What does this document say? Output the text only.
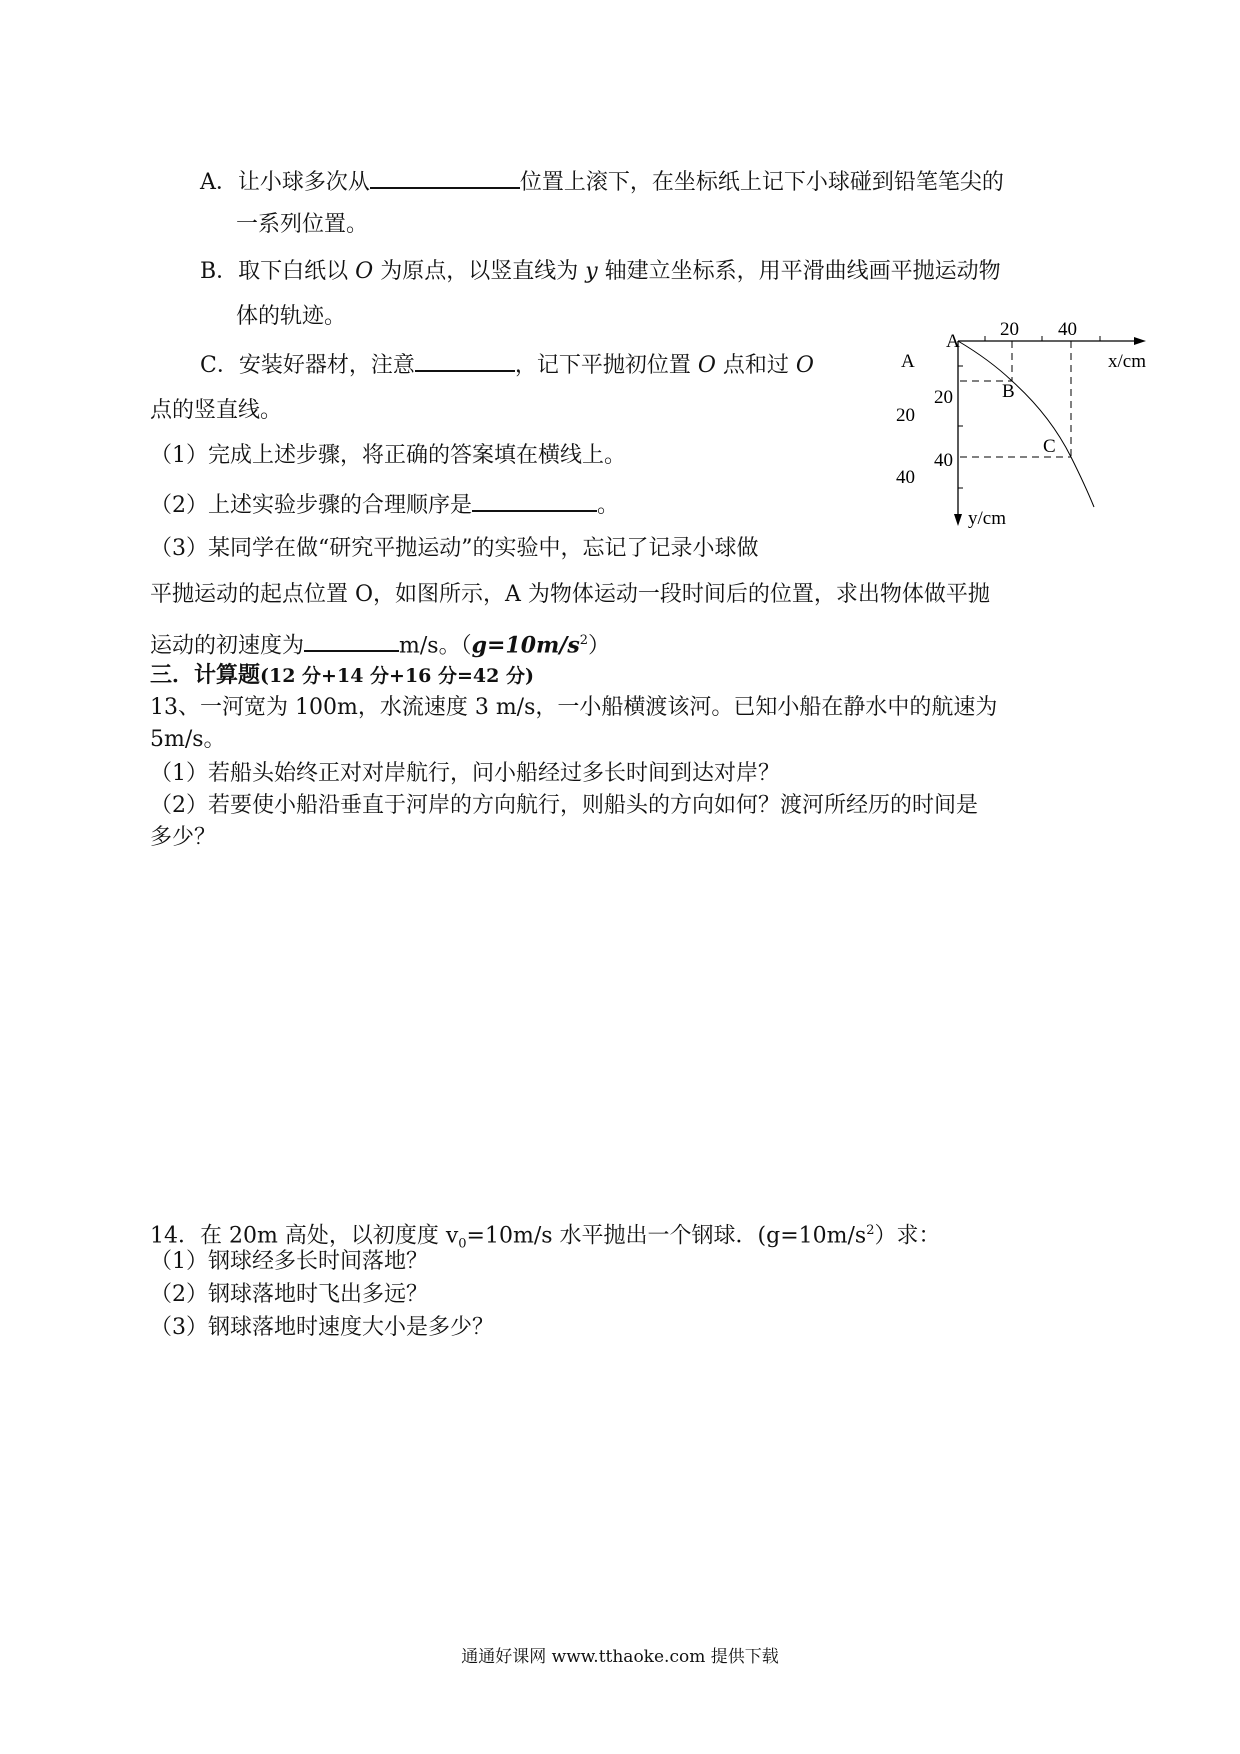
A．让小球多次从	位置上滚下，在坐标纸上记下小球碰到铅笔笔尖的
一系列位置。
B．取下白纸以 O 为原点，以竖直线为 y 轴建立坐标系，用平滑曲线画平抛运动物
体的轨迹。
C．安装好器材，注意	，记下平抛初位置 O 点和过 O
点的竖直线。
（1）完成上述步骤，将正确的答案填在横线上。
（2）上述实验步骤的合理顺序是	。
（3）某同学在做“研究平抛运动”的实验中，忘记了记录小球做
平抛运动的起点位置 O，如图所示，A 为物体运动一段时间后的位置，求出物体做平抛
运动的初速度为	m/s。$(g=10m/s^2)$
三．计算题(12 分+14 分+16 分=42 分)
13、一河宽为 100m，水流速度 3 m/s，一小船横渡该河。已知小船在静水中的航速为
5m/s。
（1）若船头始终正对对岸航行，问小船经过多长时间到达对岸？
（2）若要使小船沿垂直于河岸的方向航行，则船头的方向如何？渡河所经历的时间是
多少？
14．在 20m 高处，以初度度 $v_0=10m/s$ 水平抛出一个钢球．$(g=10m/s^2)$求：
（1）钢球经多长时间落地？
（2）钢球落地时飞出多远？
（3）钢球落地时速度大小是多少？
A
A
B
C
x/cm
y/cm
20 40
20
40
20
40
通通好课网 www.tthaoke.com 提供下载
